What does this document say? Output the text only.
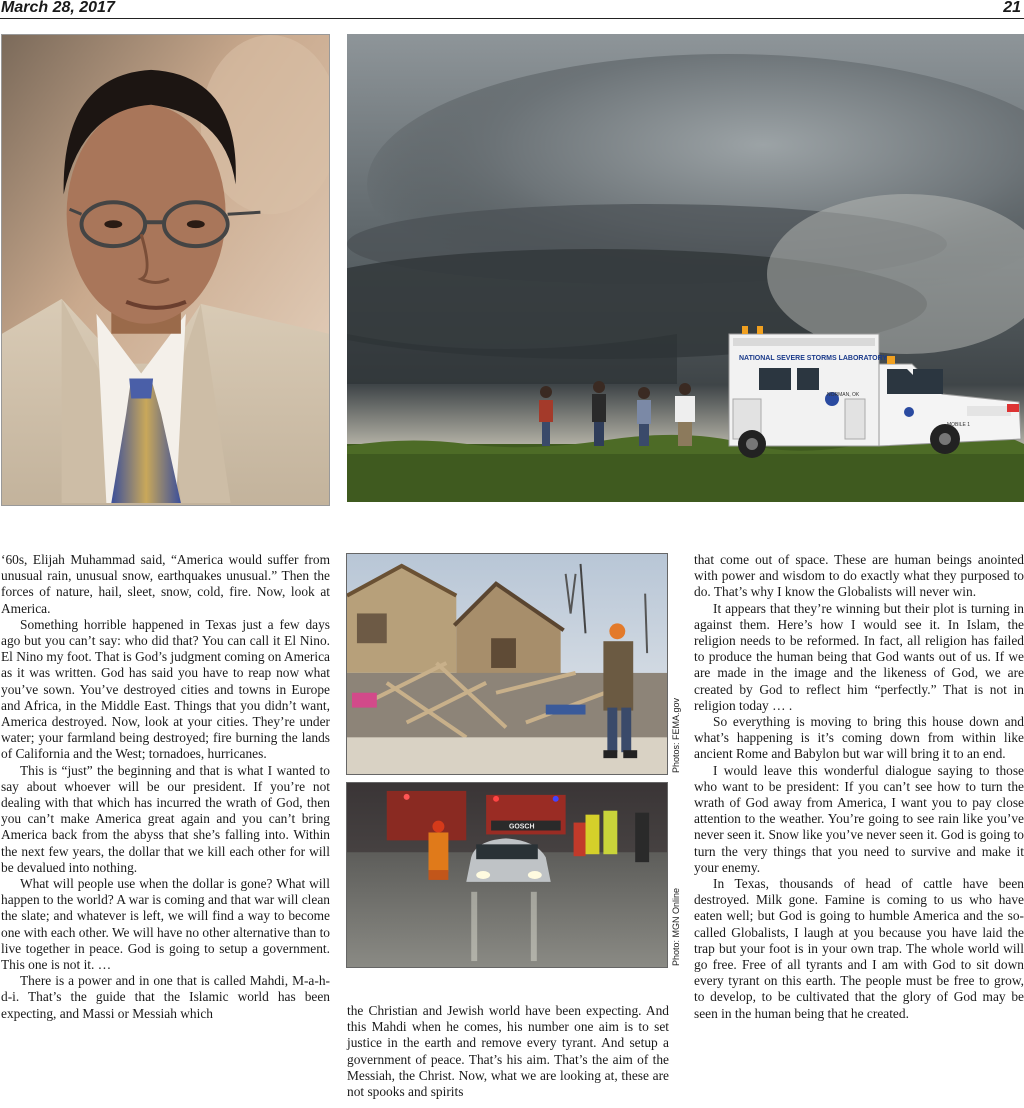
March 28, 2017	21
NATIONAL SEVERE STORMS LABORATORY
NORMAN, OK
MOBILE 1
Photos: FEMA.gov
GOSCH
Photo: MGN Online

‘60s, Elijah Muhammad said, “America would suffer from unusual rain, unusual snow, earthquakes unusual.” Then the forces of nature, hail, sleet, snow, cold, fire. Now, look at America.

Something horrible happened in Texas just a few days ago but you can’t say: who did that? You can call it El Nino. El Nino my foot. That is God’s judgment coming on America as it was written. God has said you have to reap now what you’ve sown. You’ve destroyed cities and towns in Europe and Africa, in the Middle East. Things that you didn’t want, America destroyed. Now, look at your cities. They’re under water; your farmland being destroyed; fire burning the lands of California and the West; tornadoes, hurricanes.

This is “just” the beginning and that is what I wanted to say about whoever will be our president. If you’re not dealing with that which has incurred the wrath of God, then you can’t make America great again and you can’t bring America back from the abyss that she’s falling into. Within the next few years, the dollar that we kill each other for will be devalued into nothing.

What will people use when the dollar is gone? What will happen to the world? A war is coming and that war will clean the slate; and whatever is left, we will find a way to become one with each other. We will have no other alternative than to live together in peace. God is going to setup a government. This one is not it. …

There is a power and in one that is called Mahdi, M-a-h-d-i. That’s the guide that the Islamic world has been expecting, and Massi or Messiah which	the Christian and Jewish world have been expecting. And this Mahdi when he comes, his number one aim is to set justice in the earth and remove every tyrant. And setup a government of peace. That’s his aim. That’s the aim of the Messiah, the Christ. Now, what we are looking at, these are not spooks and spirits

that come out of space. These are human beings anointed with power and wisdom to do exactly what they purposed to do. That’s why I know the Globalists will never win.

It appears that they’re winning but their plot is turning in against them. Here’s how I would see it. In Islam, the religion needs to be reformed. In fact, all religion has failed to produce the human being that God wants out of us. If we are made in the image and the likeness of God, we are created by God to reflect him “perfectly.” That is not in religion today … .

So everything is moving to bring this house down and what’s happening is it’s coming down from within like ancient Rome and Babylon but war will bring it to an end.

I would leave this wonderful dialogue saying to those who want to be president: If you can’t see how to turn the wrath of God away from America, I want you to pay close attention to the weather. You’re going to see rain like you’ve never seen it. Snow like you’ve never seen it. God is going to turn the very things that you need to survive and make it your enemy.

In Texas, thousands of head of cattle have been destroyed. Milk gone. Famine is coming to us who have eaten well; but God is going to humble America and the so-called Globalists, I laugh at you because you have laid the trap but your foot is in your own trap. The whole world will go free. Free of all tyrants and I am with God to sit down every tyrant on this earth. The people must be free to grow, to develop, to be cultivated that the glory of God may be seen in the human being that he created.
